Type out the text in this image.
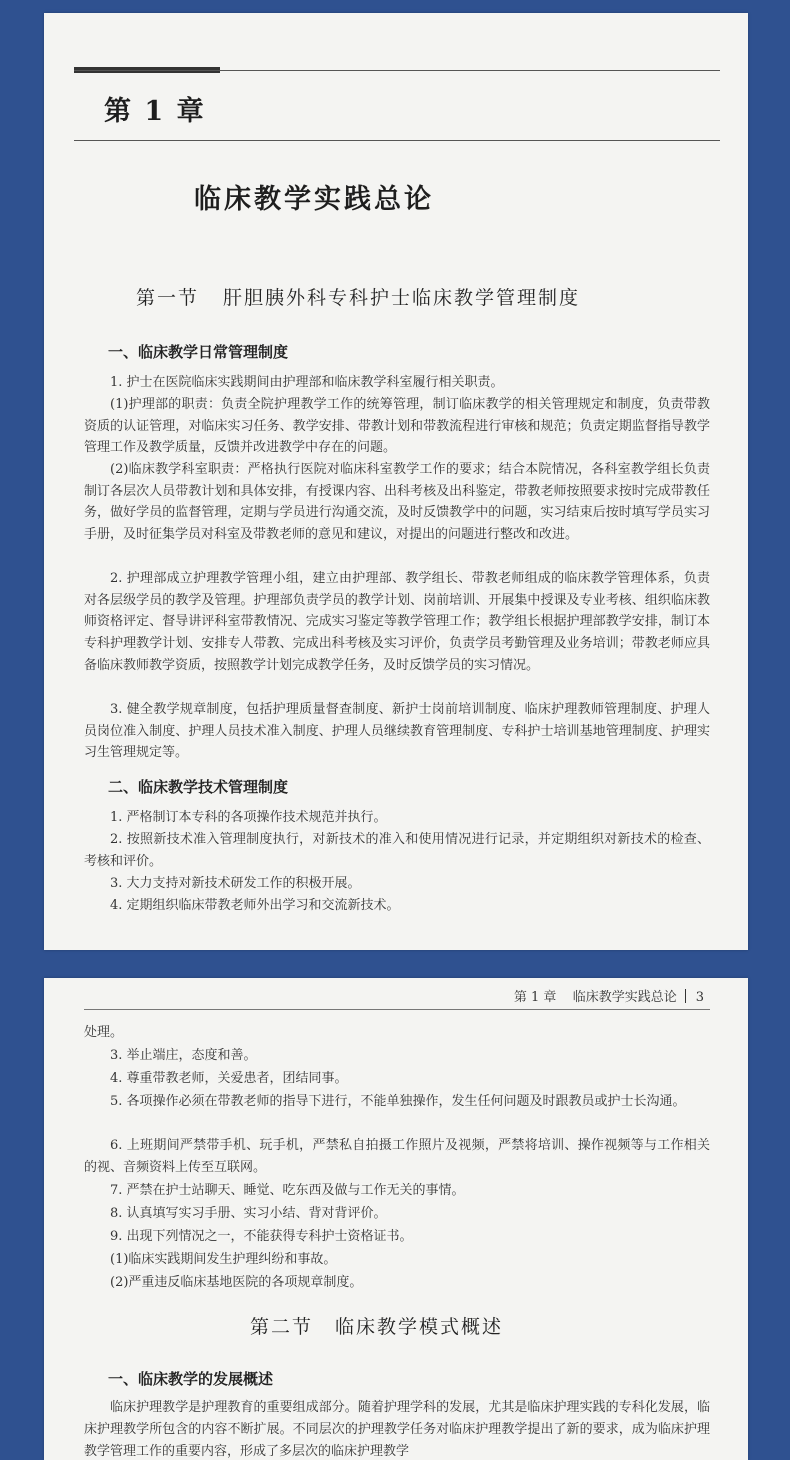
第 1 章
临床教学实践总论
第一节 肝胆胰外科专科护士临床教学管理制度
一、临床教学日常管理制度

1. 护士在医院临床实践期间由护理部和临床教学科室履行相关职责。

(1)护理部的职责：负责全院护理教学工作的统筹管理，制订临床教学的相关管理规定和制度，负责带教资质的认证管理，对临床实习任务、教学安排、带教计划和带教流程进行审核和规范；负责定期监督指导教学管理工作及教学质量，反馈并改进教学中存在的问题。

(2)临床教学科室职责：严格执行医院对临床科室教学工作的要求；结合本院情况，各科室教学组长负责制订各层次人员带教计划和具体安排，有授课内容、出科考核及出科鉴定，带教老师按照要求按时完成带教任务，做好学员的监督管理，定期与学员进行沟通交流，及时反馈教学中的问题，实习结束后按时填写学员实习手册，及时征集学员对科室及带教老师的意见和建议，对提出的问题进行整改和改进。

2. 护理部成立护理教学管理小组，建立由护理部、教学组长、带教老师组成的临床教学管理体系，负责对各层级学员的教学及管理。护理部负责学员的教学计划、岗前培训、开展集中授课及专业考核、组织临床教师资格评定、督导讲评科室带教情况、完成实习鉴定等教学管理工作；教学组长根据护理部教学安排，制订本专科护理教学计划、安排专人带教、完成出科考核及实习评价，负责学员考勤管理及业务培训；带教老师应具备临床教师教学资质，按照教学计划完成教学任务，及时反馈学员的实习情况。

3. 健全教学规章制度，包括护理质量督查制度、新护士岗前培训制度、临床护理教师管理制度、护理人员岗位准入制度、护理人员技术准入制度、护理人员继续教育管理制度、专科护士培训基地管理制度、护理实习生管理规定等。

二、临床教学技术管理制度

1. 严格制订本专科的各项操作技术规范并执行。

2. 按照新技术准入管理制度执行，对新技术的准入和使用情况进行记录，并定期组织对新技术的检查、考核和评价。

3. 大力支持对新技术研发工作的积极开展。

4. 定期组织临床带教老师外出学习和交流新技术。

第 1 章 临床教学实践总论 3
处理。
3. 举止端庄，态度和善。
4. 尊重带教老师，关爱患者，团结同事。

5. 各项操作必须在带教老师的指导下进行，不能单独操作，发生任何问题及时跟教员或护士长沟通。

6. 上班期间严禁带手机、玩手机，严禁私自拍摄工作照片及视频，严禁将培训、操作视频等与工作相关的视、音频资料上传至互联网。

7. 严禁在护士站聊天、睡觉、吃东西及做与工作无关的事情。
8. 认真填写实习手册、实习小结、背对背评价。
9. 出现下列情况之一，不能获得专科护士资格证书。
(1)临床实践期间发生护理纠纷和事故。
(2)严重违反临床基地医院的各项规章制度。
第二节 临床教学模式概述
一、临床教学的发展概述

临床护理教学是护理教育的重要组成部分。随着护理学科的发展，尤其是临床护理实践的专科化发展，临床护理教学所包含的内容不断扩展。不同层次的护理教学任务对临床护理教学提出了新的要求，成为临床护理教学管理工作的重要内容，形成了多层次的临床护理教学
